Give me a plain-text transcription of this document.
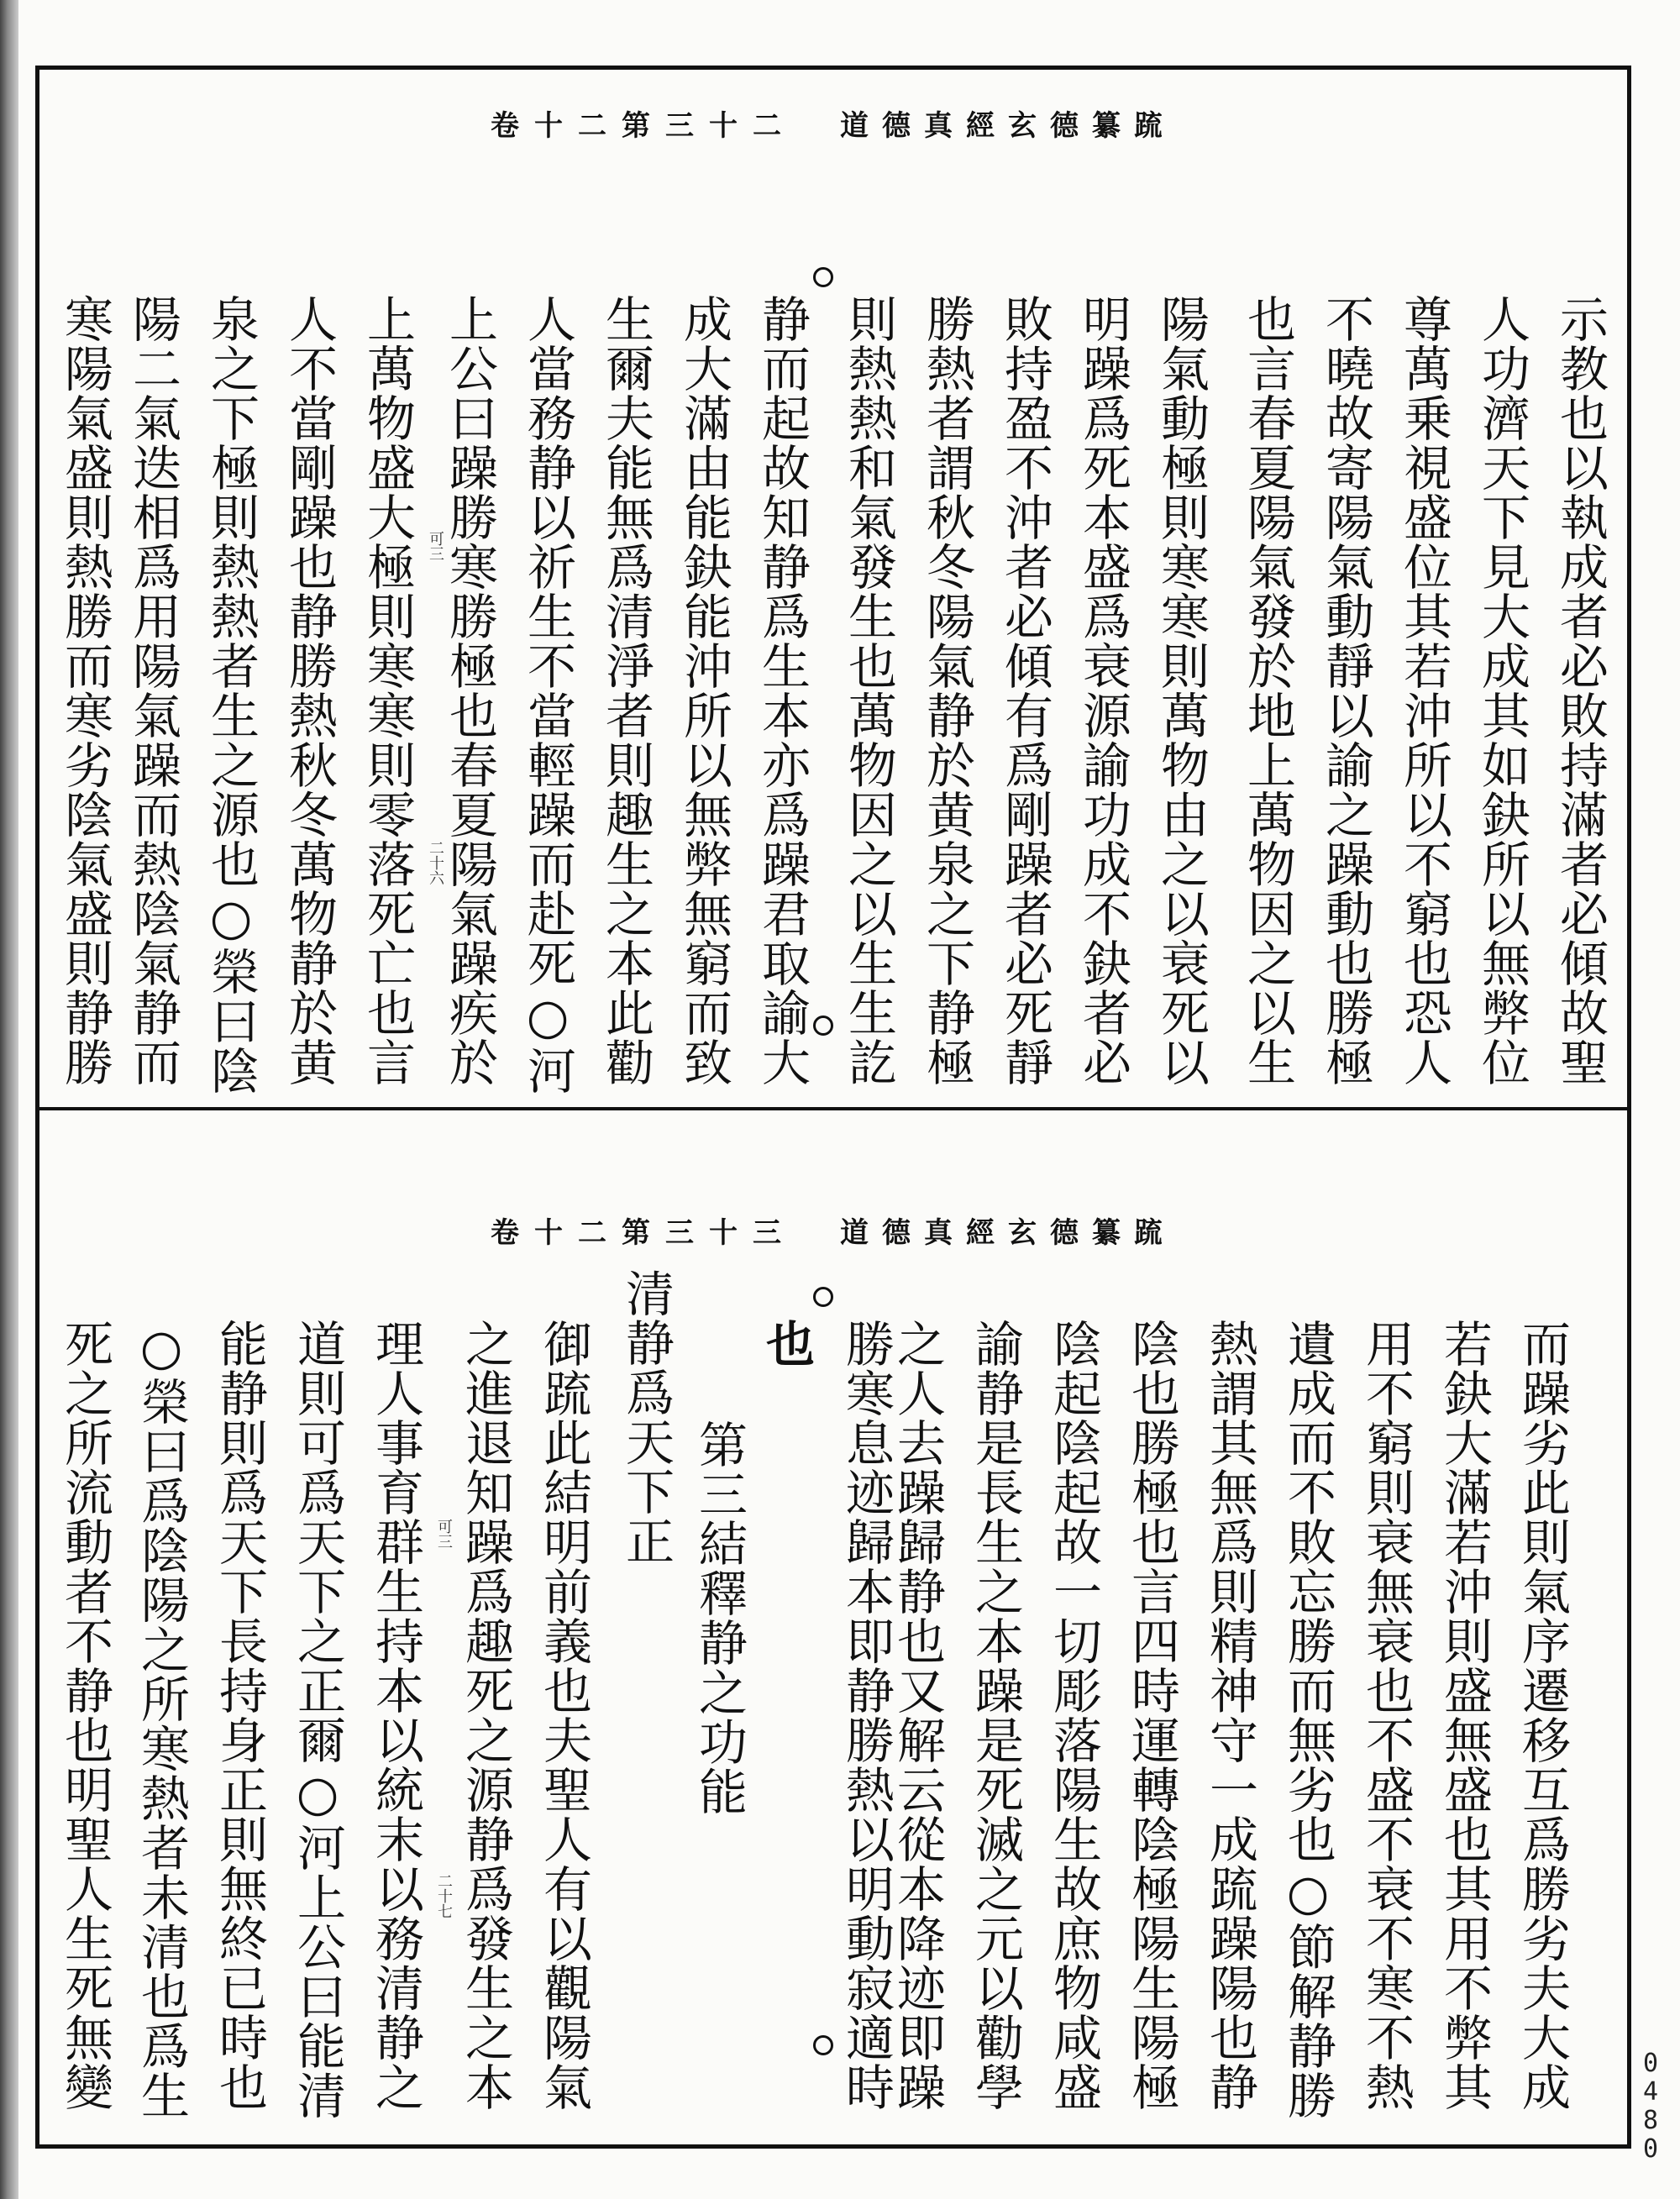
道德真經玄德纂䟽
卷十二第三十二
示教也以執成者必敗持滿者必傾故聖
人功濟天下見大成其如鈌所以無弊位
尊萬乗視盛位其若沖所以不窮也恐人
不曉故寄陽氣動靜以諭之躁動也勝極
也言春夏陽氣發於地上萬物因之以生
陽氣動極則寒寒則萬物由之以衰死以
明躁爲死本盛爲衰源諭功成不鈌者必
敗持盈不沖者必傾有爲剛躁者必死靜
勝熱者謂秋冬陽氣静於黄泉之下静極
則熱熱和氣發生也萬物因之以生生訖
静而起故知静爲生本亦爲躁君取諭大
成大滿由能鈌能沖所以無弊無窮而致
生爾夫能無爲清淨者則趣生之本此勸
人當務静以祈生不當輕躁而赴死○河
上公曰躁勝寒勝極也春夏陽氣躁疾於
上萬物盛大極則寒寒則零落死亡也言
人不當剛躁也静勝熱秋冬萬物静於黄
泉之下極則熱熱者生之源也○榮曰陰
陽二氣迭相爲用陽氣躁而熱陰氣静而
寒陽氣盛則熱勝而寒劣陰氣盛則静勝	可三
二十六
道德真經玄德纂䟽
卷十二第三十三
而躁劣此則氣序遷移互爲勝劣夫大成
若鈌大滿若沖則盛無盛也其用不弊其
用不窮則衰無衰也不盛不衰不寒不熱
遺成而不敗忘勝而無劣也○節解静勝
熱謂其無爲則精神守一成䟽躁陽也静
陰也勝極也言四時運轉陰極陽生陽極
陰起陰起故一切彫落陽生故庶物咸盛
諭静是長生之本躁是死滅之元以勸學
之人去躁歸静也又解云從本降迹即躁
勝寒息迹歸本即静勝熱以明動寂適時
也
清静爲天下正
第三結釋静之功能
御䟽此結明前義也夫聖人有以觀陽氣
之進退知躁爲趣死之源静爲發生之本
理人事育群生持本以統末以務清静之
道則可爲天下之正爾○河上公曰能清
能静則爲天下長持身正則無終已時也
○榮曰爲陰陽之所寒熱者未清也爲生
死之所流動者不静也明聖人生死無變	可三
二十七
0480
